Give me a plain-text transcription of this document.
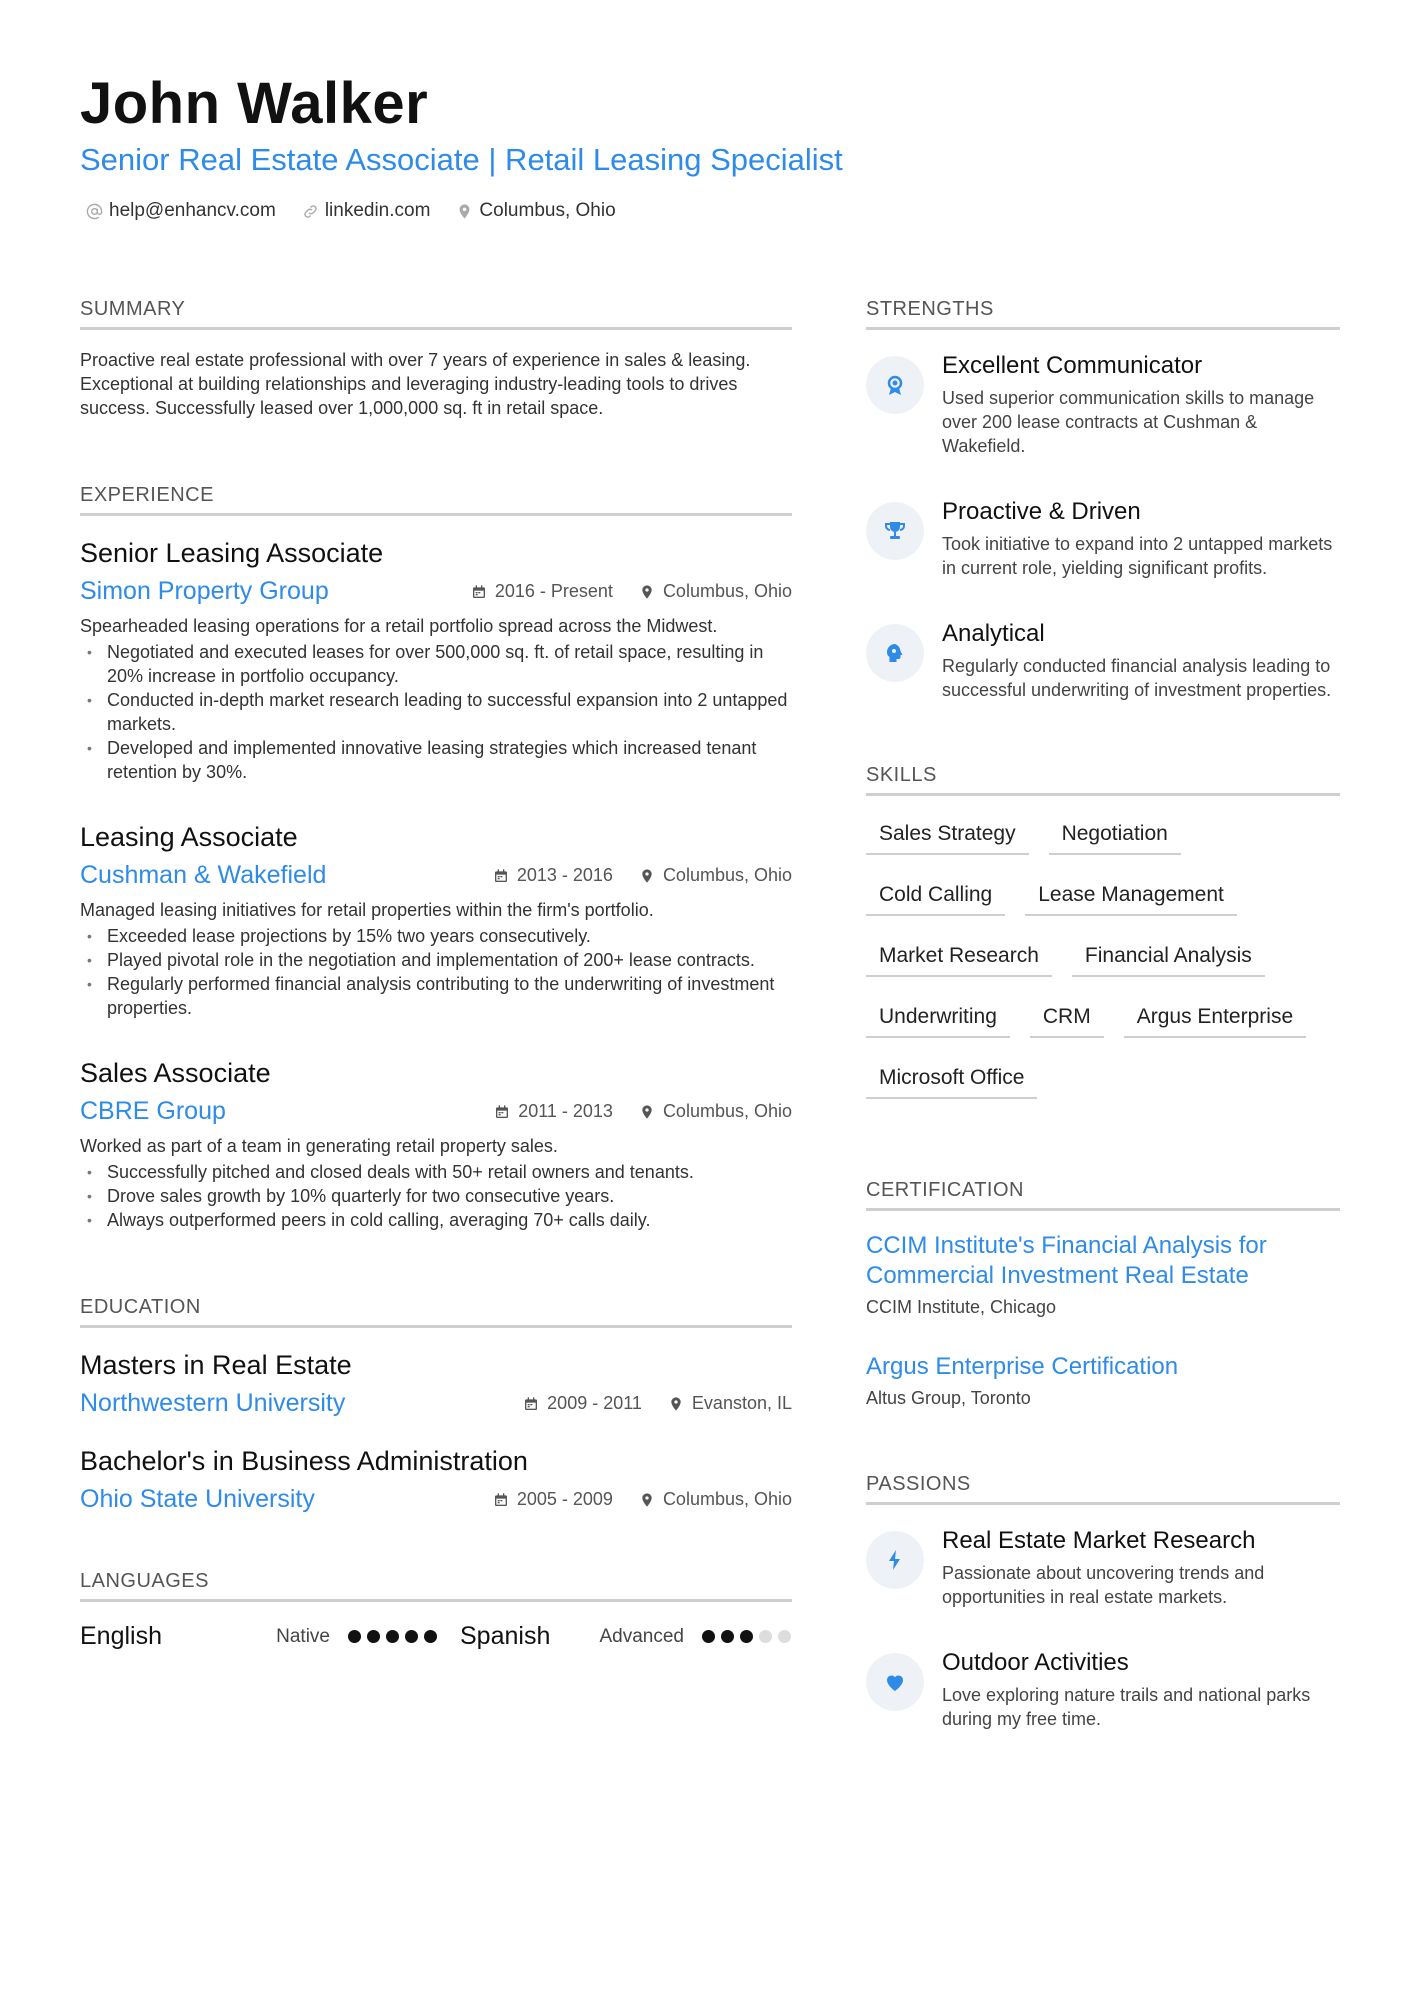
John Walker
Senior Real Estate Associate | Retail Leasing Specialist
help@enhancv.com	linkedin.com	Columbus, Ohio
SUMMARY
Proactive real estate professional with over 7 years of experience in sales & leasing. Exceptional at building relationships and leveraging industry-leading tools to drives success. Successfully leased over 1,000,000 sq. ft in retail space.
EXPERIENCE
Senior Leasing Associate
Simon Property Group	2016 - Present	Columbus, Ohio
Spearheaded leasing operations for a retail portfolio spread across the Midwest.
• Negotiated and executed leases for over 500,000 sq. ft. of retail space, resulting in 20% increase in portfolio occupancy.
• Conducted in-depth market research leading to successful expansion into 2 untapped markets.
• Developed and implemented innovative leasing strategies which increased tenant retention by 30%.
Leasing Associate
Cushman & Wakefield	2013 - 2016	Columbus, Ohio
Managed leasing initiatives for retail properties within the firm's portfolio.
• Exceeded lease projections by 15% two years consecutively.
• Played pivotal role in the negotiation and implementation of 200+ lease contracts.
• Regularly performed financial analysis contributing to the underwriting of investment properties.
Sales Associate
CBRE Group	2011 - 2013	Columbus, Ohio
Worked as part of a team in generating retail property sales.
• Successfully pitched and closed deals with 50+ retail owners and tenants.
• Drove sales growth by 10% quarterly for two consecutive years.
• Always outperformed peers in cold calling, averaging 70+ calls daily.
EDUCATION
Masters in Real Estate
Northwestern University	2009 - 2011	Evanston, IL
Bachelor's in Business Administration
Ohio State University	2005 - 2009	Columbus, Ohio
LANGUAGES
English	Native	Spanish	Advanced
STRENGTHS
Excellent Communicator
Used superior communication skills to manage over 200 lease contracts at Cushman & Wakefield.
Proactive & Driven
Took initiative to expand into 2 untapped markets in current role, yielding significant profits.
Analytical
Regularly conducted financial analysis leading to successful underwriting of investment properties.
SKILLS
Sales Strategy	Negotiation
Cold Calling	Lease Management
Market Research	Financial Analysis
Underwriting	CRM	Argus Enterprise
Microsoft Office
CERTIFICATION
CCIM Institute's Financial Analysis for Commercial Investment Real Estate
CCIM Institute, Chicago
Argus Enterprise Certification
Altus Group, Toronto
PASSIONS
Real Estate Market Research
Passionate about uncovering trends and opportunities in real estate markets.
Outdoor Activities
Love exploring nature trails and national parks during my free time.
